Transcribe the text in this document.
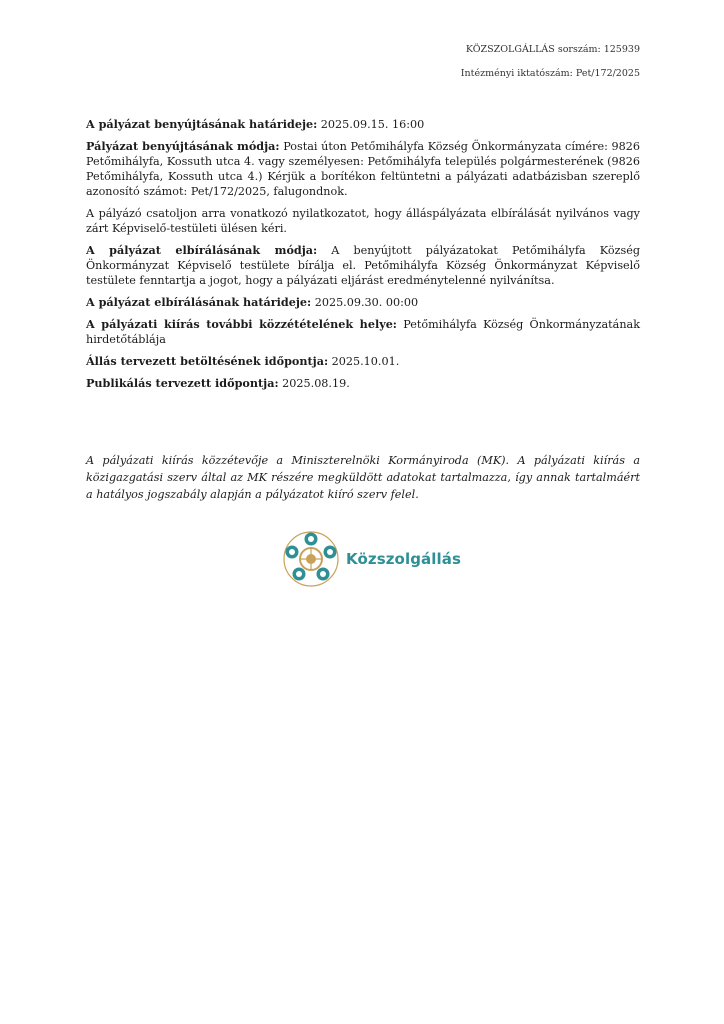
KÖZSZOLGÁLLÁS sorszám: 125939
Intézményi iktatószám: Pet/172/2025

A pályázat benyújtásának határideje: 2025.09.15. 16:00

Pályázat benyújtásának módja: Postai úton Petőmihályfa Község Önkormányzata címére: 9826 Petőmihályfa, Kossuth utca 4. vagy személyesen: Petőmihályfa település polgármesterének (9826 Petőmihályfa, Kossuth utca 4.) Kérjük a borítékon feltüntetni a pályázati adatbázisban szereplő azonosító számot: Pet/172/2025, falugondnok.

A pályázó csatoljon arra vonatkozó nyilatkozatot, hogy álláspályázata elbírálását nyilvános vagy zárt Képviselő-testületi ülésen kéri.

A pályázat elbírálásának módja: A benyújtott pályázatokat Petőmihályfa Község Önkormányzat Képviselő testülete bírálja el. Petőmihályfa Község Önkormányzat Képviselő testülete fenntartja a jogot, hogy a pályázati eljárást eredménytelenné nyilvánítsa.

A pályázat elbírálásának határideje: 2025.09.30. 00:00

A pályázati kiírás további közzétételének helye: Petőmihályfa Község Önkormányzatának hirdetőtáblája

Állás tervezett betöltésének időpontja: 2025.10.01.

Publikálás tervezett időpontja: 2025.08.19.

A pályázati kiírás közzétevője a Miniszterelnöki Kormányiroda (MK). A pályázati kiírás a közigazgatási szerv által az MK részére megküldött adatokat tartalmazza, így annak tartalmáért a hatályos jogszabály alapján a pályázatot kiíró szerv felel.
Közszolgállás
